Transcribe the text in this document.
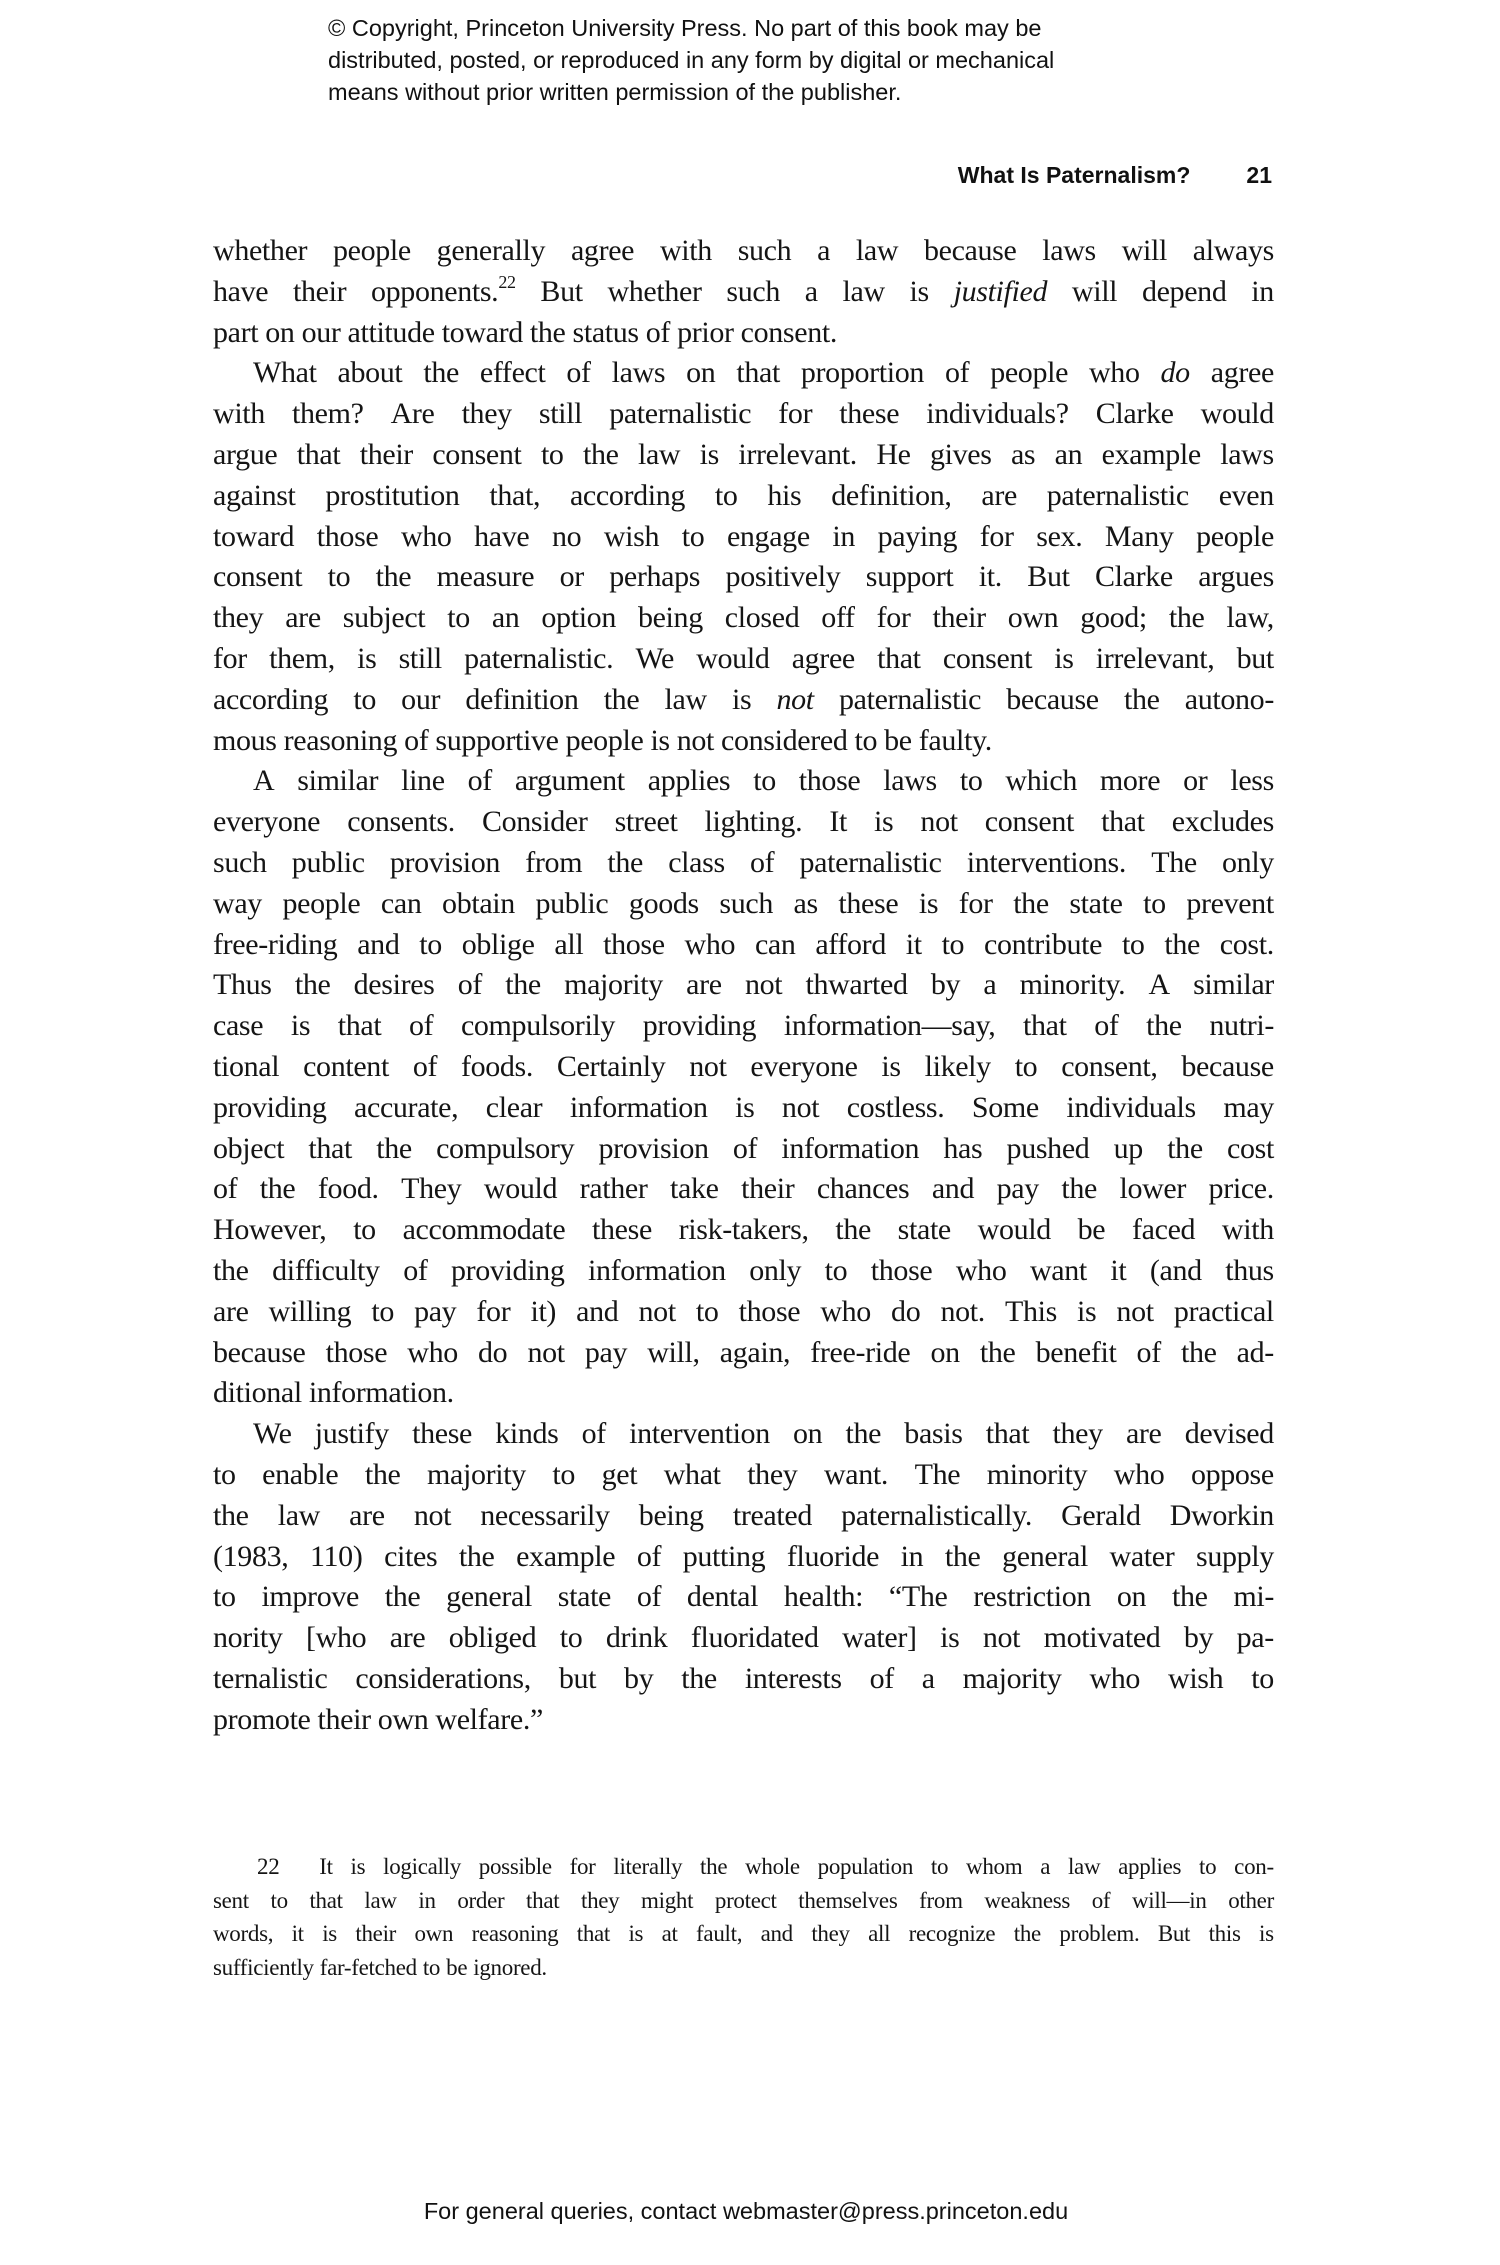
© Copyright, Princeton University Press. No part of this book may be
distributed, posted, or reproduced in any form by digital or mechanical
means without prior written permission of the publisher.
What Is Paternalism? 21
whether people generally agree with such a law because laws will always
have their opponents.$^{22}$ But whether such a law is justified will depend in
part on our attitude toward the status of prior consent.
What about the effect of laws on that proportion of people who do agree
with them? Are they still paternalistic for these individuals? Clarke would
argue that their consent to the law is irrelevant. He gives as an example laws
against prostitution that, according to his definition, are paternalistic even
toward those who have no wish to engage in paying for sex. Many people
consent to the measure or perhaps positively support it. But Clarke argues
they are subject to an option being closed off for their own good; the law,
for them, is still paternalistic. We would agree that consent is irrelevant, but
according to our definition the law is not paternalistic because the autono-
mous reasoning of supportive people is not considered to be faulty.
A similar line of argument applies to those laws to which more or less
everyone consents. Consider street lighting. It is not consent that excludes
such public provision from the class of paternalistic interventions. The only
way people can obtain public goods such as these is for the state to prevent
free-riding and to oblige all those who can afford it to contribute to the cost.
Thus the desires of the majority are not thwarted by a minority. A similar
case is that of compulsorily providing information—say, that of the nutri-
tional content of foods. Certainly not everyone is likely to consent, because
providing accurate, clear information is not costless. Some individuals may
object that the compulsory provision of information has pushed up the cost
of the food. They would rather take their chances and pay the lower price.
However, to accommodate these risk-takers, the state would be faced with
the difficulty of providing information only to those who want it (and thus
are willing to pay for it) and not to those who do not. This is not practical
because those who do not pay will, again, free-ride on the benefit of the ad-
ditional information.
We justify these kinds of intervention on the basis that they are devised
to enable the majority to get what they want. The minority who oppose
the law are not necessarily being treated paternalistically. Gerald Dworkin
(1983, 110) cites the example of putting fluoride in the general water supply
to improve the general state of dental health: “The restriction on the mi-
nority [who are obliged to drink fluoridated water] is not motivated by pa-
ternalistic considerations, but by the interests of a majority who wish to
promote their own welfare.”
22 It is logically possible for literally the whole population to whom a law applies to con-
sent to that law in order that they might protect themselves from weakness of will—in other
words, it is their own reasoning that is at fault, and they all recognize the problem. But this is
sufficiently far-fetched to be ignored.
For general queries, contact webmaster@press.princeton.edu
